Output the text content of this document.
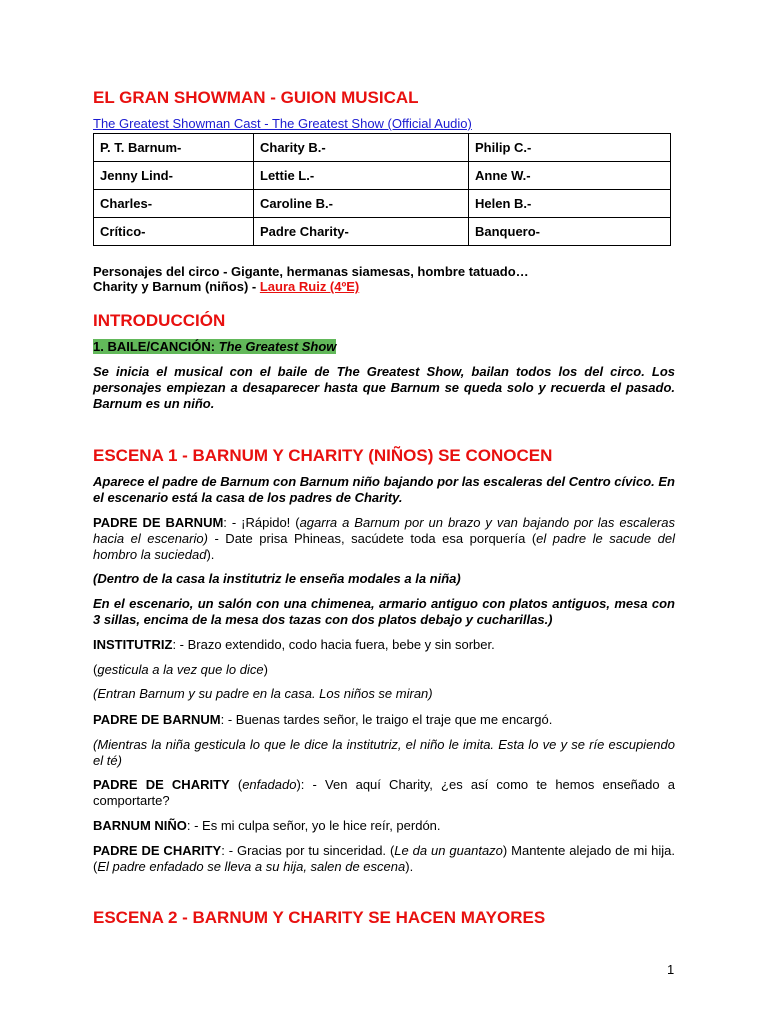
EL GRAN SHOWMAN - GUION MUSICAL
The Greatest Showman Cast - The Greatest Show (Official Audio)
P. T. Barnum-	Charity B.-	Philip C.-
Jenny Lind-	Lettie L.-	Anne W.-
Charles-	Caroline B.-	Helen B.-
Crítico-	Padre Charity-	Banquero-
Personajes del circo - Gigante, hermanas siamesas, hombre tatuado…
Charity y Barnum (niños) - Laura Ruiz (4ºE)
INTRODUCCIÓN
1. BAILE/CANCIÓN: The Greatest Show
Se inicia el musical con el baile de The Greatest Show, bailan todos los del circo. Los personajes empiezan a desaparecer hasta que Barnum se queda solo y recuerda el pasado. Barnum es un niño.
ESCENA 1 - BARNUM Y CHARITY (NIÑOS) SE CONOCEN
Aparece el padre de Barnum con Barnum niño bajando por las escaleras del Centro cívico. En el escenario está la casa de los padres de Charity.
PADRE DE BARNUM: - ¡Rápido! (agarra a Barnum por un brazo y van bajando por las escaleras hacia el escenario) - Date prisa Phineas, sacúdete toda esa porquería (el padre le sacude del hombro la suciedad).
(Dentro de la casa la institutriz le enseña modales a la niña)
En el escenario, un salón con una chimenea, armario antiguo con platos antiguos, mesa con 3 sillas, encima de la mesa dos tazas con dos platos debajo y cucharillas.)
INSTITUTRIZ: - Brazo extendido, codo hacia fuera, bebe y sin sorber.
(gesticula a la vez que lo dice)
(Entran Barnum y su padre en la casa. Los niños se miran)
PADRE DE BARNUM: - Buenas tardes señor, le traigo el traje que me encargó.
(Mientras la niña gesticula lo que le dice la institutriz, el niño le imita. Esta lo ve y se ríe escupiendo el té)
PADRE DE CHARITY (enfadado): - Ven aquí Charity, ¿es así como te hemos enseñado a comportarte?
BARNUM NIÑO: - Es mi culpa señor, yo le hice reír, perdón.
PADRE DE CHARITY: - Gracias por tu sinceridad. (Le da un guantazo) Mantente alejado de mi hija. (El padre enfadado se lleva a su hija, salen de escena).
ESCENA 2 - BARNUM Y CHARITY SE HACEN MAYORES
1
